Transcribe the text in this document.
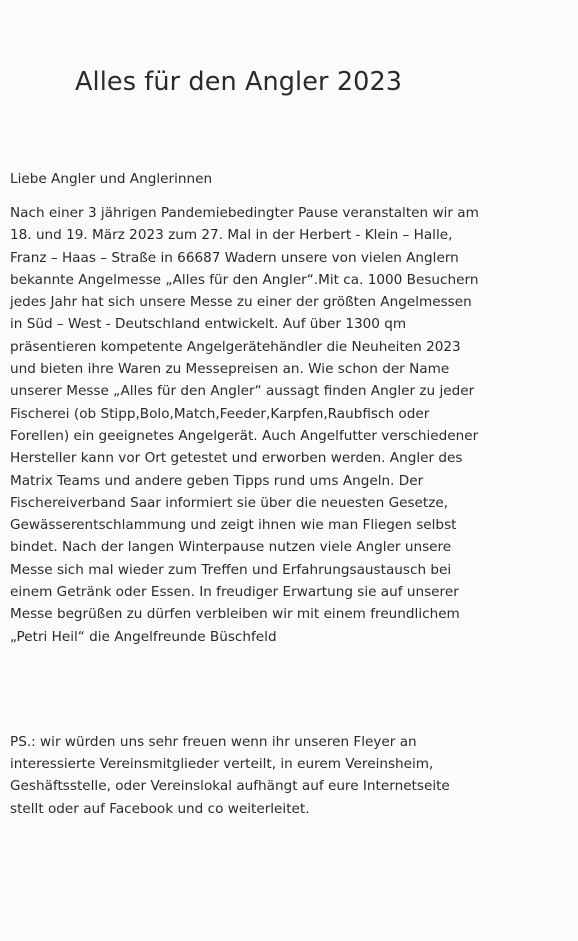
Alles für den Angler 2023
Liebe Angler und Anglerinnen
Nach einer 3 jährigen Pandemiebedingter Pause veranstalten wir am
18. und 19. März 2023 zum 27. Mal in der Herbert - Klein – Halle,
Franz – Haas – Straße in 66687 Wadern unsere von vielen Anglern
bekannte Angelmesse „Alles für den Angler“.Mit ca. 1000 Besuchern
jedes Jahr hat sich unsere Messe zu einer der größten Angelmessen
in Süd – West - Deutschland entwickelt. Auf über 1300 qm
präsentieren kompetente Angelgerätehändler die Neuheiten 2023
und bieten ihre Waren zu Messepreisen an. Wie schon der Name
unserer Messe „Alles für den Angler“ aussagt finden Angler zu jeder
Fischerei (ob Stipp,Bolo,Match,Feeder,Karpfen,Raubfisch oder
Forellen) ein geeignetes Angelgerät. Auch Angelfutter verschiedener
Hersteller kann vor Ort getestet und erworben werden. Angler des
Matrix Teams und andere geben Tipps rund ums Angeln. Der
Fischereiverband Saar informiert sie über die neuesten Gesetze,
Gewässerentschlammung und zeigt ihnen wie man Fliegen selbst
bindet. Nach der langen Winterpause nutzen viele Angler unsere
Messe sich mal wieder zum Treffen und Erfahrungsaustausch bei
einem Getränk oder Essen. In freudiger Erwartung sie auf unserer
Messe begrüßen zu dürfen verbleiben wir mit einem freundlichem
„Petri Heil“ die Angelfreunde Büschfeld
PS.: wir würden uns sehr freuen wenn ihr unseren Fleyer an
interessierte Vereinsmitglieder verteilt, in eurem Vereinsheim,
Geshäftsstelle, oder Vereinslokal aufhängt auf eure Internetseite
stellt oder auf Facebook und co weiterleitet.
